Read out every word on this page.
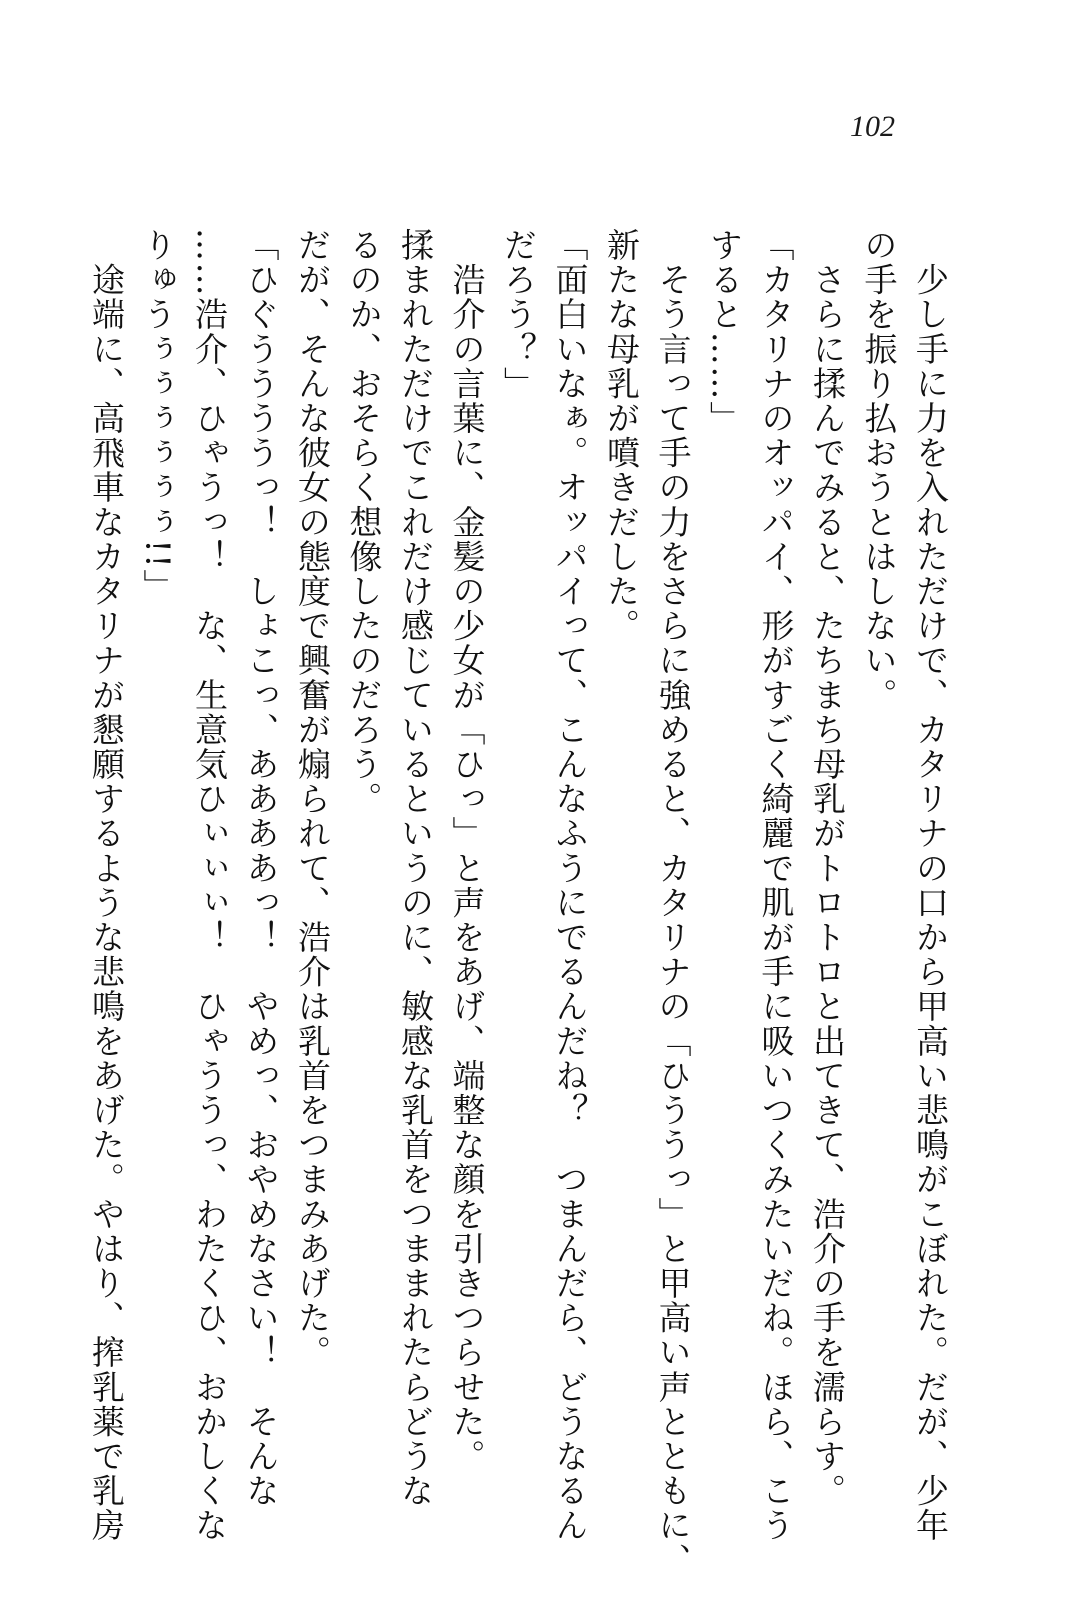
102
　少し手に力を入れただけで、カタリナの口から甲高い悲鳴がこぼれた。だが、少年
の手を振り払おうとはしない。
　さらに揉んでみると、たちまち母乳がトロトロと出てきて、浩介の手を濡らす。
「カタリナのオッパイ、形がすごく綺麗で肌が手に吸いつくみたいだね。ほら、こう
すると……」
　そう言って手の力をさらに強めると、カタリナの「ひううっ」と甲高い声とともに、
新たな母乳が噴きだした。
「面白いなぁ。オッパイって、こんなふうにでるんだね？　つまんだら、どうなるん
だろう？」
　浩介の言葉に、金髪の少女が「ひっ」と声をあげ、端整な顔を引きつらせた。
揉まれただけでこれだけ感じているというのに、敏感な乳首をつままれたらどうな
るのか、おそらく想像したのだろう。
だが、そんな彼女の態度で興奮が煽られて、浩介は乳首をつまみあげた。
「ひぐううううっ！　しょこっ、ああああっ！　やめっ、おやめなさい！　そんな
……浩介、ひゃうっ！　な、生意気ひぃぃぃ！　ひゃううっ、わたくひ、おかしくな
りゅうぅぅぅぅぅぅ!!」
　途端に、高飛車なカタリナが懇願するような悲鳴をあげた。やはり、搾乳薬で乳房
